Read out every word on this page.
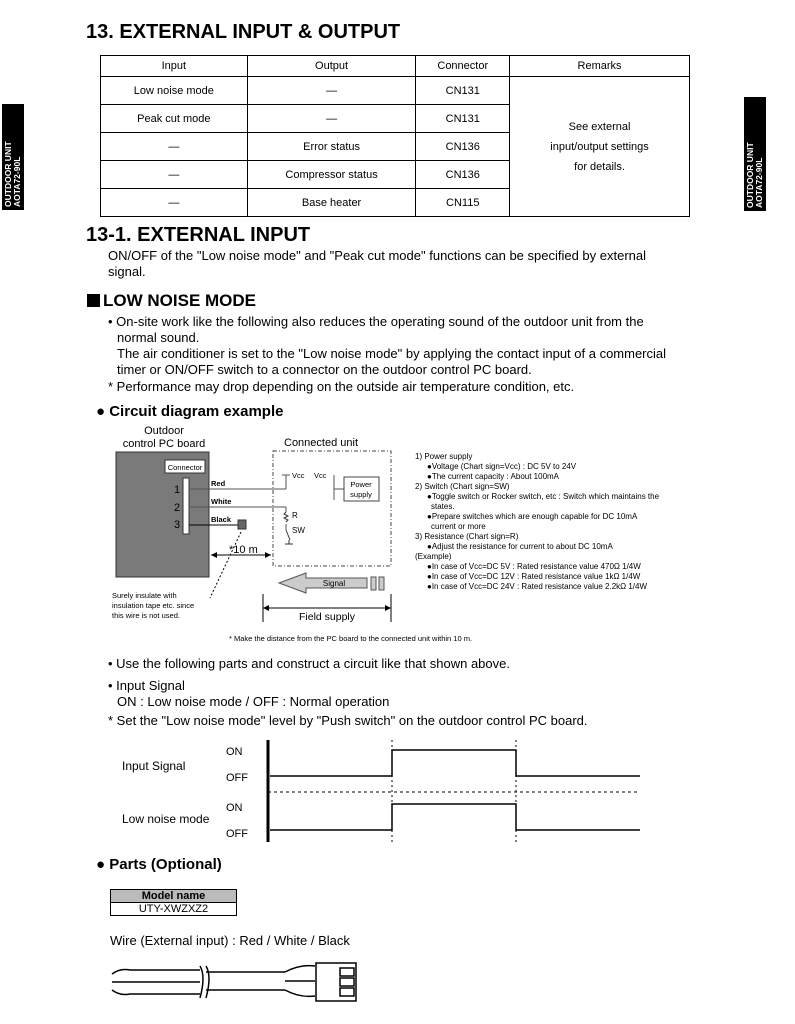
13. EXTERNAL INPUT & OUTPUT
OUTDOOR UNIT
AOTA72-90L	OUTDOOR UNIT
AOTA72-90L
Input	Output	Connector	Remarks
Low noise mode	—	CN131	See external
input/output settings
for details.
Peak cut mode	—	CN131	
—	Error status	CN136	
—	Compressor status	CN136	
—	Base heater	CN115	
13-1. EXTERNAL INPUT
ON/OFF of the "Low noise mode" and "Peak cut mode" functions can be specified by external
signal.
LOW NOISE MODE
• On-site work like the following also reduces the operating sound of the outdoor unit from the
normal sound.
The air conditioner is set to the "Low noise mode" by applying the contact input of a commercial
timer or ON/OFF switch to a connector on the outdoor control PC board.
* Performance may drop depending on the outside air temperature condition, etc.
● Circuit diagram example
Outdoor
control PC board
Connector
1
2
3
Red
White
Black
Connected unit
Vcc Vcc
Power
supply
R
SW
*10 m
Surely insulate with
insulation tape etc. since
this wire is not used.
Signal
Field supply
* Make the distance from the PC board to the connected unit within 10 m.
1) Power supply
●Voltage (Chart sign=Vcc) : DC 5V to 24V
●The current capacity : About 100mA
2) Switch (Chart sign=SW)
●Toggle switch or Rocker switch, etc : Switch which maintains the
states.
●Prepare switches which are enough capable for DC 10mA
current or more
3) Resistance (Chart sign=R)
●Adjust the resistance for current to about DC 10mA
(Example)
●In case of Vcc=DC 5V : Rated resistance value 470Ω 1/4W
●In case of Vcc=DC 12V : Rated resistance value 1kΩ 1/4W
●In case of Vcc=DC 24V : Rated resistance value 2.2kΩ 1/4W
Input Signal
Low noise mode
ON
OFF
ON
OFF
• Use the following parts and construct a circuit like that shown above.
• Input Signal
ON : Low noise mode / OFF : Normal operation
* Set the "Low noise mode" level by "Push switch" on the outdoor control PC board.
● Parts (Optional)
Model name
UTY-XWZXZ2
Wire (External input) : Red / White / Black
